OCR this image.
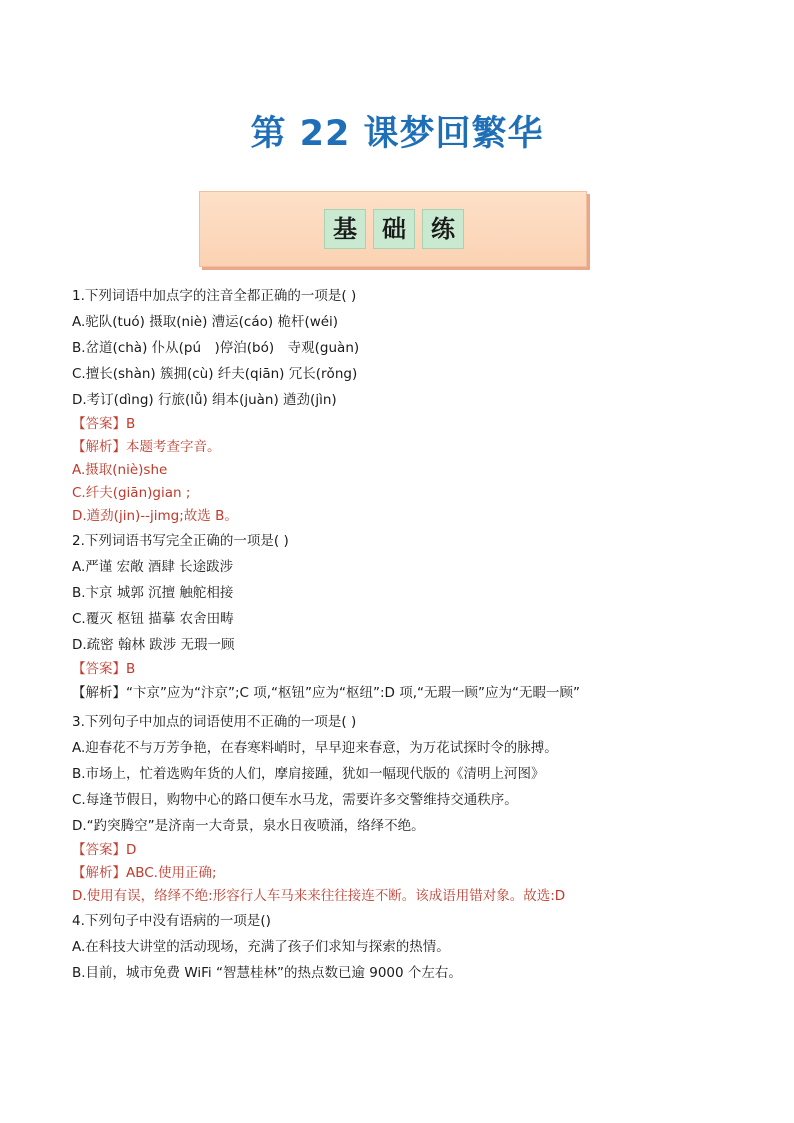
第 22 课梦回繁华
基	础	练
1.下列词语中加点字的注音全都正确的一项是( )
A.驼队(tuó) 摄取(niè) 漕运(cáo) 桅杆(wéi)
B.岔道(chà) 仆从(pú　)停泊(bó)　寺观(guàn)
C.擅长(shàn) 簇拥(cù) 纤夫(qiān) 冗长(rǒng)
D.考订(dìng) 行旅(lǚ) 绢本(juàn) 遒劲(jìn)
【答案】B
【解析】本题考查字音。
A.摄取(niè)she
C.纤夫(giān)gian ;
D.遒劲(jin)--jimg;故选 B。
2.下列词语书写完全正确的一项是( )
A.严谨 宏敞 酒肆 长途跋涉
B.卞京 城郭 沉擅 触舵相接
C.覆灭 枢钮 描摹 农舍田畴
D.疏密 翰林 跋涉 无瑕一顾
【答案】B
【解析】“卞京”应为“汴京”;C 项,“枢钮”应为“枢纽”:D 项,“无瑕一顾”应为“无暇一顾”
3.下列句子中加点的词语使用不正确的一项是( )
A.迎春花不与万芳争艳，在春寒料峭时，早早迎来春意，为万花试探时令的脉搏。
B.市场上，忙着选购年货的人们，摩肩接踵，犹如一幅现代版的《清明上河图》
C.每逢节假日，购物中心的路口便车水马龙，需要许多交警维持交通秩序。
D.“趵突腾空”是济南一大奇景，泉水日夜喷涌，络绎不绝。
【答案】D
【解析】ABC.使用正确;
D.使用有误，络绎不绝:形容行人车马来来往往接连不断。该成语用错对象。故选:D
4.下列句子中没有语病的一项是()
A.在科技大讲堂的活动现场，充满了孩子们求知与探索的热情。
B.目前，城市免费 WiFi “智慧桂林”的热点数已逾 9000 个左右。
